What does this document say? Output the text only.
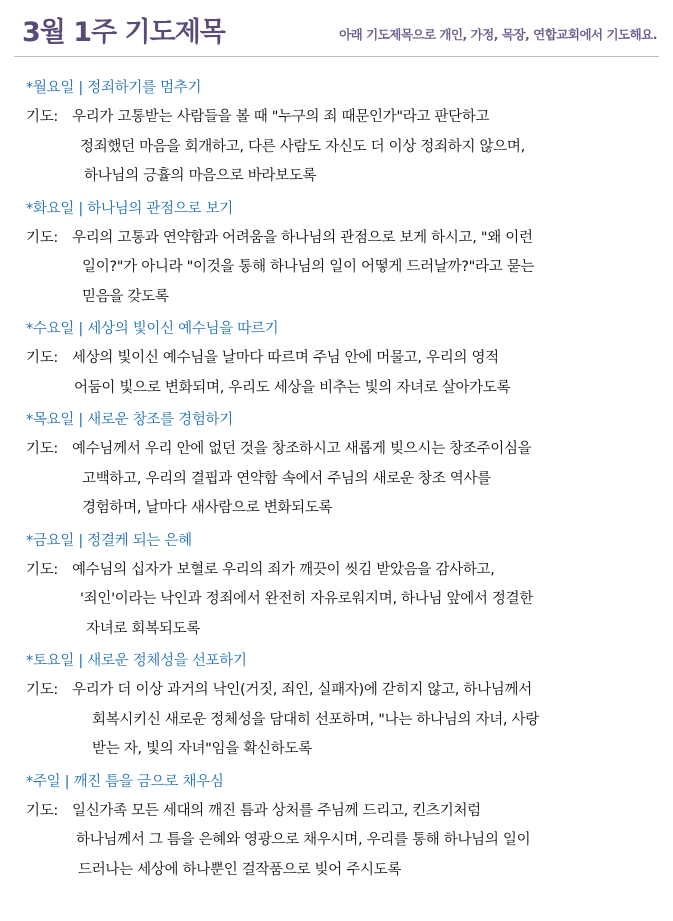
3월 1주 기도제목	아래 기도제목으로 개인, 가정, 목장, 연합교회에서 기도해요.
*월요일 | 정죄하기를 멈추기
기도: 우리가 고통받는 사람들을 볼 때 "누구의 죄 때문인가"라고 판단하고
정죄했던 마음을 회개하고, 다른 사람도 자신도 더 이상 정죄하지 않으며,
하나님의 긍휼의 마음으로 바라보도록
*화요일 | 하나님의 관점으로 보기
기도: 우리의 고통과 연약함과 어려움을 하나님의 관점으로 보게 하시고, "왜 이런
일이?"가 아니라 "이것을 통해 하나님의 일이 어떻게 드러날까?"라고 묻는
믿음을 갖도록
*수요일 | 세상의 빛이신 예수님을 따르기
기도: 세상의 빛이신 예수님을 날마다 따르며 주님 안에 머물고, 우리의 영적
어둠이 빛으로 변화되며, 우리도 세상을 비추는 빛의 자녀로 살아가도록
*목요일 | 새로운 창조를 경험하기
기도: 예수님께서 우리 안에 없던 것을 창조하시고 새롭게 빚으시는 창조주이심을
고백하고, 우리의 결핍과 연약함 속에서 주님의 새로운 창조 역사를
경험하며, 날마다 새사람으로 변화되도록
*금요일 | 정결케 되는 은혜
기도: 예수님의 십자가 보혈로 우리의 죄가 깨끗이 씻김 받았음을 감사하고,
'죄인'이라는 낙인과 정죄에서 완전히 자유로워지며, 하나님 앞에서 정결한
자녀로 회복되도록
*토요일 | 새로운 정체성을 선포하기
기도: 우리가 더 이상 과거의 낙인(거짓, 죄인, 실패자)에 갇히지 않고, 하나님께서
회복시키신 새로운 정체성을 담대히 선포하며, "나는 하나님의 자녀, 사랑
받는 자, 빛의 자녀"임을 확신하도록
*주일 | 깨진 틈을 금으로 채우심
기도: 일신가족 모든 세대의 깨진 틈과 상처를 주님께 드리고, 킨츠기처럼
하나님께서 그 틈을 은혜와 영광으로 채우시며, 우리를 통해 하나님의 일이
드러나는 세상에 하나뿐인 걸작품으로 빚어 주시도록
